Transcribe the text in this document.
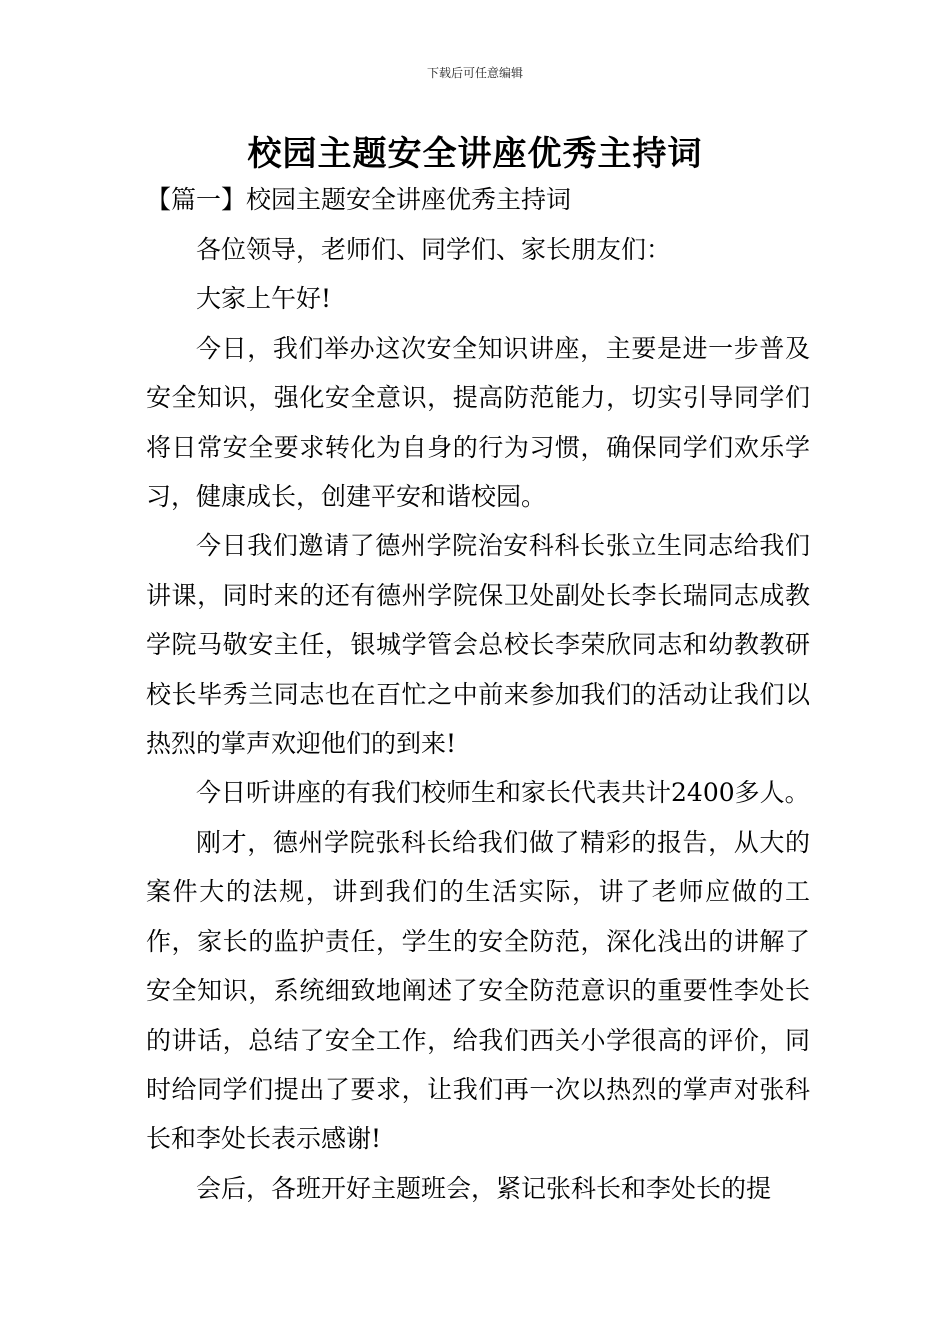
下载后可任意编辑
校园主题安全讲座优秀主持词
【篇一】校园主题安全讲座优秀主持词

各位领导，老师们、同学们、家长朋友们：

大家上午好!

今日，我们举办这次安全知识讲座，主要是进一步普及安全知识，强化安全意识，提高防范能力，切实引导同学们将日常安全要求转化为自身的行为习惯，确保同学们欢乐学习，健康成长，创建平安和谐校园。

今日我们邀请了德州学院治安科科长张立生同志给我们讲课，同时来的还有德州学院保卫处副处长李长瑞同志成教学院马敬安主任，银城学管会总校长李荣欣同志和幼教教研校长毕秀兰同志也在百忙之中前来参加我们的活动让我们以热烈的掌声欢迎他们的到来!

今日听讲座的有我们校师生和家长代表共计2400多人。

刚才，德州学院张科长给我们做了精彩的报告，从大的案件大的法规，讲到我们的生活实际，讲了老师应做的工作，家长的监护责任，学生的安全防范，深化浅出的讲解了安全知识，系统细致地阐述了安全防范意识的重要性李处长的讲话，总结了安全工作，给我们西关小学很高的评价，同时给同学们提出了要求，让我们再一次以热烈的掌声对张科长和李处长表示感谢!

会后，各班开好主题班会，紧记张科长和李处长的提
